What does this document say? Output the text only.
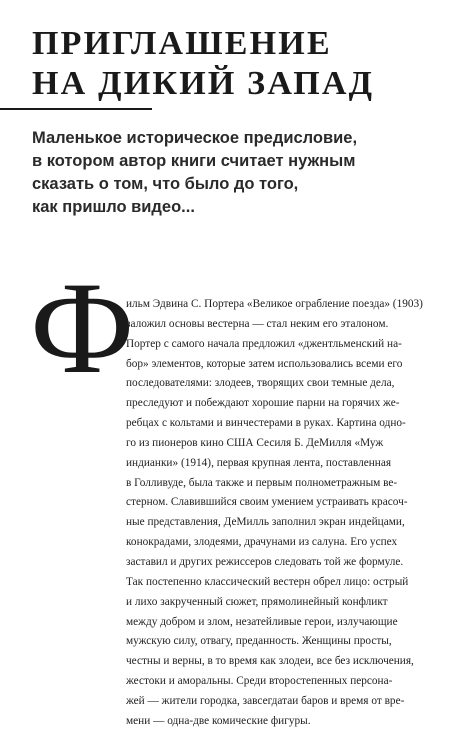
ПРИГЛАШЕНИЕ
НА ДИКИЙ ЗАПАД

Маленькое историческое предисловие,
в котором автор книги считает нужным
сказать о том, что было до того,
как пришло видео...

Ф

ильм Эдвина С. Портера «Великое ограбление поезда» (1903)
заложил основы вестерна — стал неким его эталоном.
Портер с самого начала предложил «джентльменский на-
бор» элементов, которые затем использовались всеми его
последователями: злодеев, творящих свои темные дела,
преследуют и побеждают хорошие парни на горячих же-
ребцах с кольтами и винчестерами в руках. Картина одно-
го из пионеров кино США Сесиля Б. ДеМилля «Муж
индианки» (1914), первая крупная лента, поставленная
в Голливуде, была также и первым полнометражным ве-
стерном. Славившийся своим умением устраивать красоч-
ные представления, ДеМилль заполнил экран индейцами,
конокрадами, злодеями, драчунами из салуна. Его успех
заставил и других режиссеров следовать той же формуле.
Так постепенно классический вестерн обрел лицо: острый
и лихо закрученный сюжет, прямолинейный конфликт
между добром и злом, незатейливые герои, излучающие
мужскую силу, отвагу, преданность. Женщины просты,
честны и верны, в то время как злодеи, все без исключения,
жестоки и аморальны. Среди второстепенных персона-
жей — жители городка, завсегдатаи баров и время от вре-
мени — одна-две комические фигуры.
